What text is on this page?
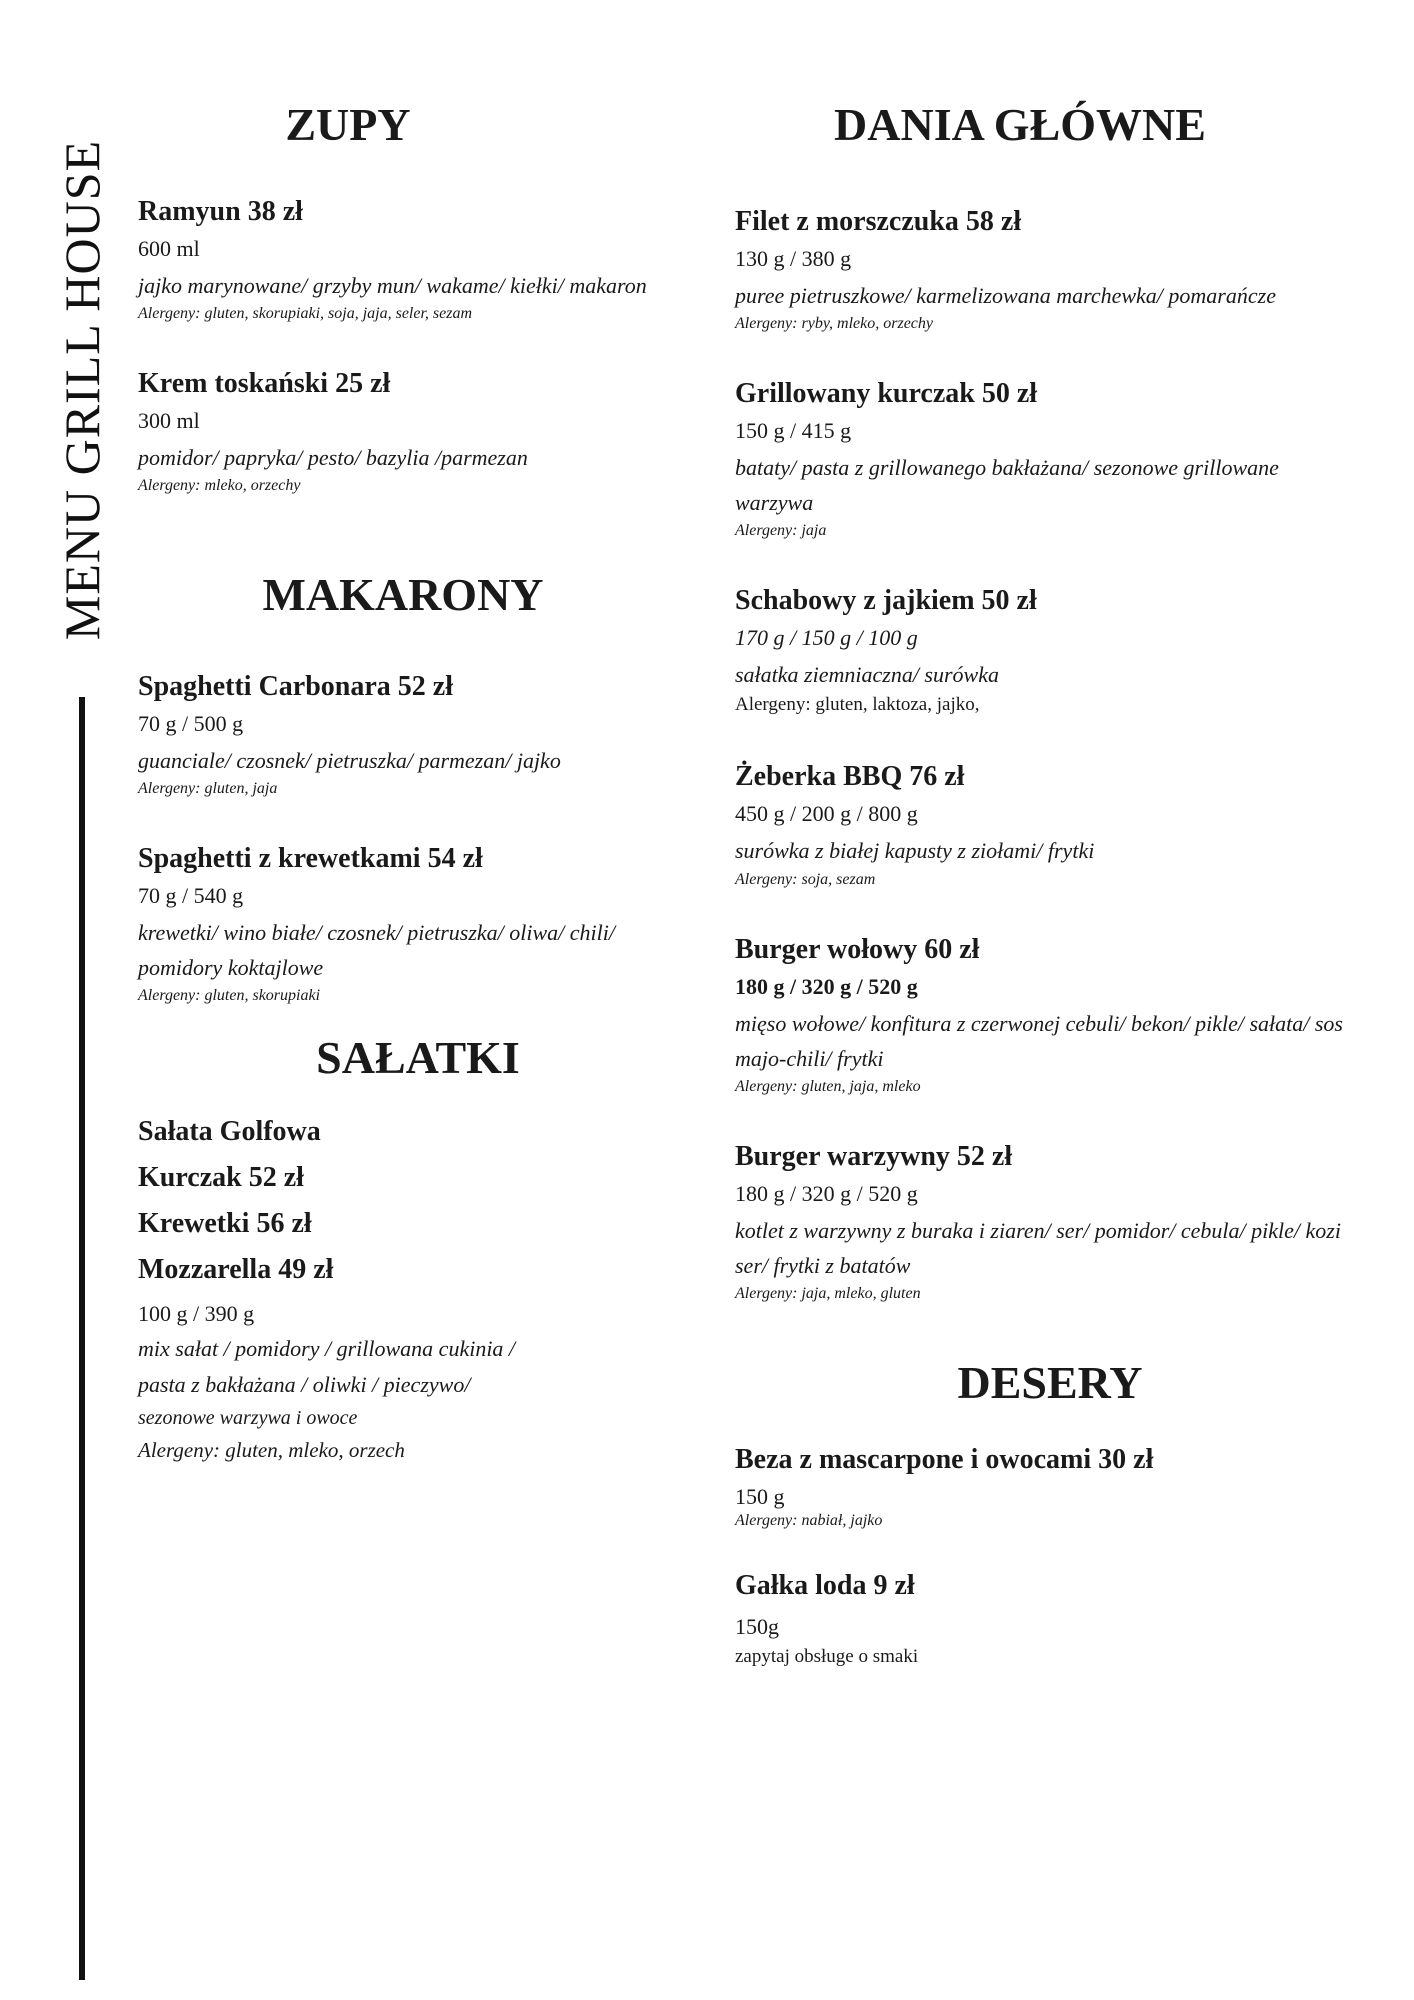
MENU GRILL HOUSE
ZUPY
Ramyun 38 zł
600 ml
jajko marynowane/ grzyby mun/ wakame/ kiełki/ makaron
Alergeny: gluten, skorupiaki, soja, jaja, seler, sezam
Krem toskański 25 zł
300 ml
pomidor/ papryka/ pesto/ bazylia /parmezan
Alergeny: mleko, orzechy
MAKARONY
Spaghetti Carbonara 52 zł
70 g / 500 g
guanciale/ czosnek/ pietruszka/ parmezan/ jajko
Alergeny: gluten, jaja
Spaghetti z krewetkami 54 zł
70 g / 540 g
krewetki/ wino białe/ czosnek/ pietruszka/ oliwa/ chili/ pomidory koktajlowe
Alergeny: gluten, skorupiaki
SAŁATKI
Sałata Golfowa
Kurczak 52 zł
Krewetki 56 zł
Mozzarella 49 zł
100 g / 390 g
mix sałat / pomidory / grillowana cukinia /
pasta z bakłażana / oliwki / pieczywo/
sezonowe warzywa i owoce
Alergeny: gluten, mleko, orzech
DANIA GŁÓWNE
Filet z morszczuka 58 zł
130 g / 380 g
puree pietruszkowe/ karmelizowana marchewka/ pomarańcze
Alergeny: ryby, mleko, orzechy
Grillowany kurczak 50 zł
150 g / 415 g
bataty/ pasta z grillowanego bakłażana/ sezonowe grillowane warzywa
Alergeny: jaja
Schabowy z jajkiem 50 zł
170 g / 150 g / 100 g
sałatka ziemniaczna/ surówka
Alergeny: gluten, laktoza, jajko,
Żeberka BBQ 76 zł
450 g / 200 g / 800 g
surówka z białej kapusty z ziołami/ frytki
Alergeny: soja, sezam
Burger wołowy 60 zł
180 g / 320 g / 520 g
mięso wołowe/ konfitura z czerwonej cebuli/ bekon/ pikle/ sałata/ sos majo-chili/ frytki
Alergeny: gluten, jaja, mleko
Burger warzywny 52 zł
180 g / 320 g / 520 g
kotlet z warzywny z buraka i ziaren/ ser/ pomidor/ cebula/ pikle/ kozi ser/ frytki z batatów
Alergeny: jaja, mleko, gluten
DESERY
Beza z mascarpone i owocami 30 zł
150 g
Alergeny: nabiał, jajko
Gałka loda 9 zł
150g
zapytaj obsługe o smaki
